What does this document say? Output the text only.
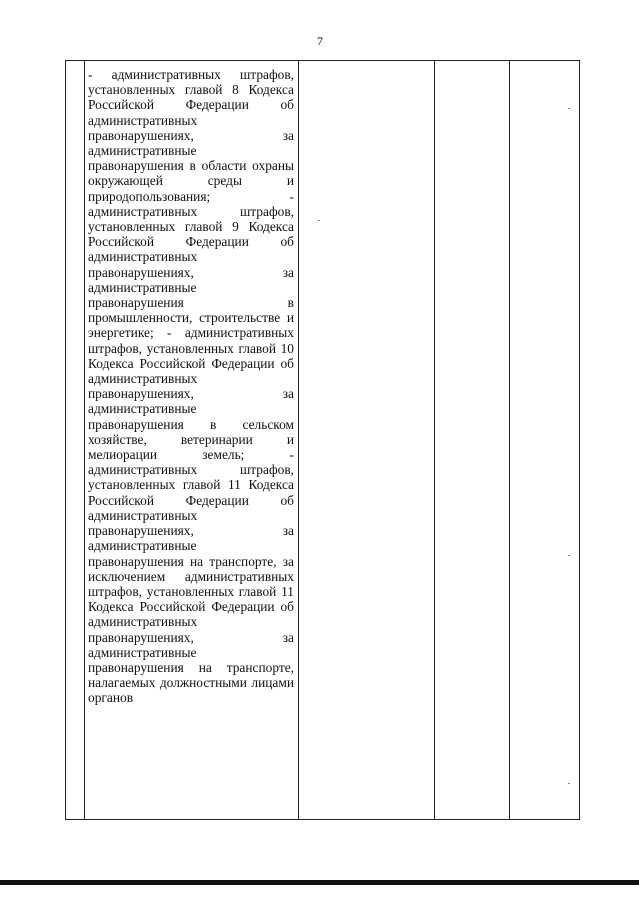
7

- административных штрафов, установленных главой 8 Кодекса Российской Федерации об административных правонарушениях, за административные правонарушения в области охраны окружающей среды и природопользования; - административных штрафов, установленных главой 9 Кодекса Российской Федерации об административных правонарушениях, за административные правонарушения в промышленности, строительстве и энергетике; - административных штрафов, установленных главой 10 Кодекса Российской Федерации об административных правонарушениях, за административные правонарушения в сельском хозяйстве, ветеринарии и мелиорации земель; - административных штрафов, установленных главой 11 Кодекса Российской Федерации об административных правонарушениях, за административные правонарушения на транспорте, за исключением административных штрафов, установленных главой 11 Кодекса Российской Федерации об административных правонарушениях, за административные правонарушения на транспорте, налагаемых должностными лицами органов
